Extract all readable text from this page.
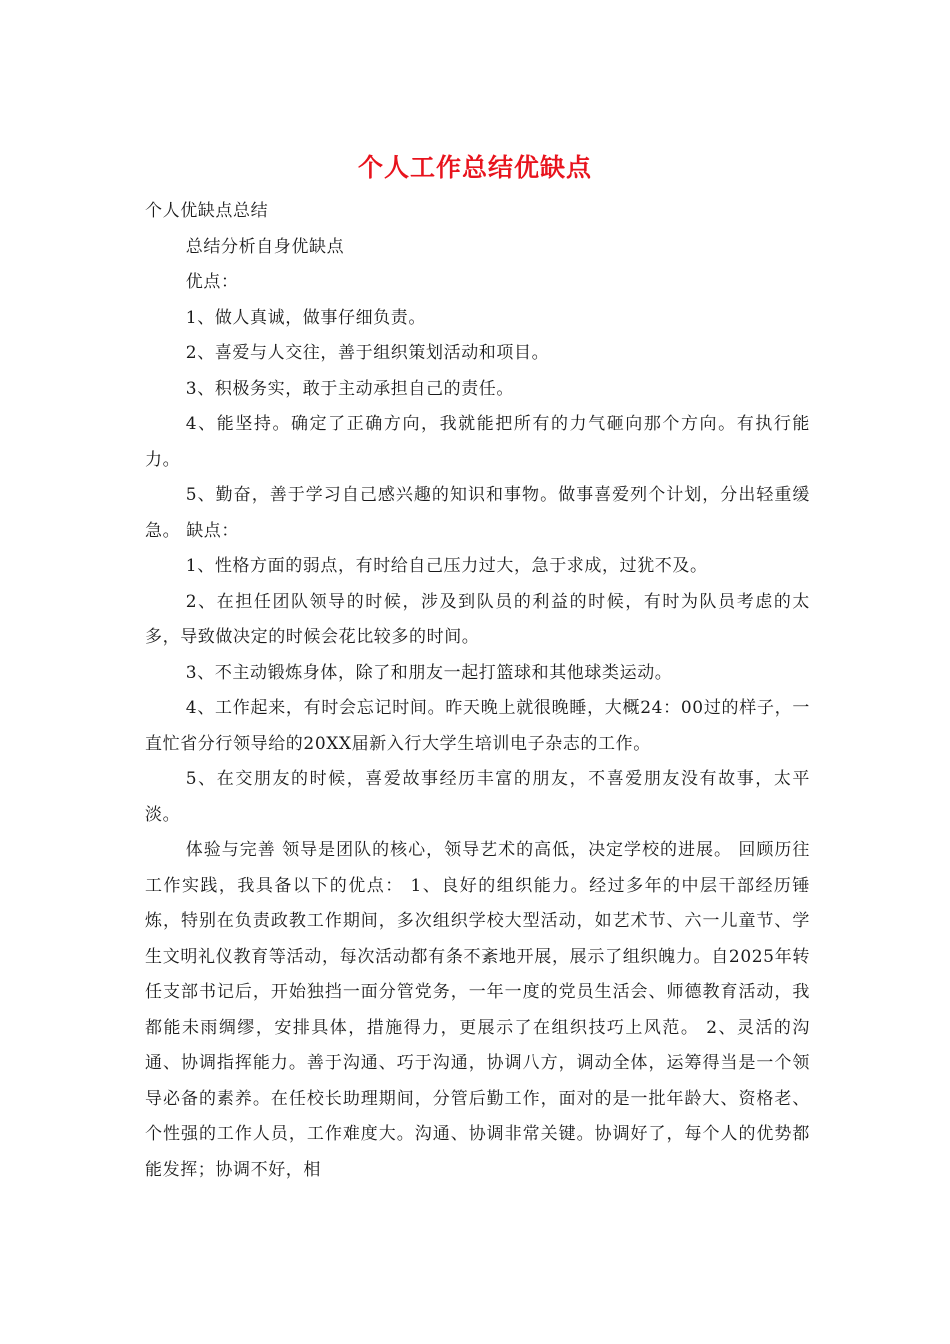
个人工作总结优缺点

个人优缺点总结

总结分析自身优缺点

优点：

1、做人真诚，做事仔细负责。

2、喜爱与人交往，善于组织策划活动和项目。

3、积极务实，敢于主动承担自己的责任。

4、能坚持。确定了正确方向，我就能把所有的力气砸向那个方向。有执行能力。

5、勤奋，善于学习自己感兴趣的知识和事物。做事喜爱列个计划，分出轻重缓急。 缺点：

1、性格方面的弱点，有时给自己压力过大，急于求成，过犹不及。

2、在担任团队领导的时候，涉及到队员的利益的时候，有时为队员考虑的太多，导致做决定的时候会花比较多的时间。

3、不主动锻炼身体，除了和朋友一起打篮球和其他球类运动。

4、工作起来，有时会忘记时间。昨天晚上就很晚睡，大概24：00过的样子，一直忙省分行领导给的20XX届新入行大学生培训电子杂志的工作。

5、在交朋友的时候，喜爱故事经历丰富的朋友，不喜爱朋友没有故事，太平淡。

体验与完善 领导是团队的核心，领导艺术的高低，决定学校的进展。 回顾历往工作实践，我具备以下的优点： 1、良好的组织能力。经过多年的中层干部经历锤炼，特别在负责政教工作期间，多次组织学校大型活动，如艺术节、六一儿童节、学生文明礼仪教育等活动，每次活动都有条不紊地开展，展示了组织魄力。自2025年转任支部书记后，开始独挡一面分管党务，一年一度的党员生活会、师德教育活动，我都能未雨绸缪，安排具体，措施得力，更展示了在组织技巧上风范。 2、灵活的沟通、协调指挥能力。善于沟通、巧于沟通，协调八方，调动全体，运筹得当是一个领导必备的素养。在任校长助理期间，分管后勤工作，面对的是一批年龄大、资格老、个性强的工作人员，工作难度大。沟通、协调非常关键。协调好了，每个人的优势都能发挥；协调不好，相
